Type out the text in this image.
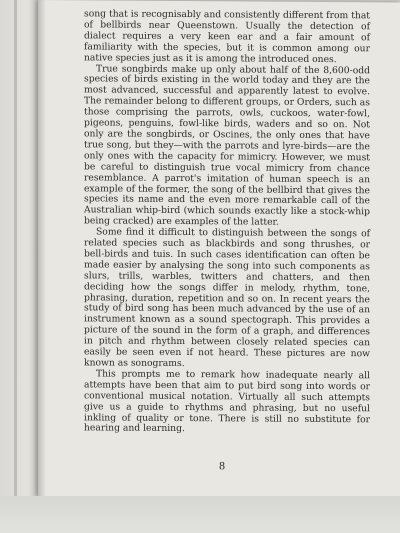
song that is recognisably and consistently different from that of bellbirds near Queenstown. Usually the detection of dialect requires a very keen ear and a fair amount of familiarity with the species, but it is common among our native species just as it is among the introduced ones.

True songbirds make up only about half of the 8,600-odd species of birds existing in the world today and they are the most advanced, successful and apparently latest to evolve. The remainder belong to different groups, or Orders, such as those comprising the parrots, owls, cuckoos, water-fowl, pigeons, penguins, fowl-like birds, waders and so on. Not only are the songbirds, or Oscines, the only ones that have true song, but they—with the parrots and lyre-birds—are the only ones with the capacity for mimicry. However, we must be careful to distinguish true vocal mimicry from chance resemblance. A parrot's imitation of human speech is an example of the former, the song of the bellbird that gives the species its name and the even more remarkable call of the Australian whip-bird (which sounds exactly like a stock-whip being cracked) are examples of the latter.

Some find it difficult to distinguish between the songs of related species such as blackbirds and song thrushes, or bell-birds and tuis. In such cases identification can often be made easier by analysing the song into such components as slurs, trills, warbles, twitters and chatters, and then deciding how the songs differ in melody, rhythm, tone, phrasing, duration, repetition and so on. In recent years the study of bird song has been much advanced by the use of an instrument known as a sound spectograph. This provides a picture of the sound in the form of a graph, and differences in pitch and rhythm between closely related species can easily be seen even if not heard. These pictures are now known as sonograms.

This prompts me to remark how inadequate nearly all attempts have been that aim to put bird song into words or conventional musical notation. Virtually all such attempts give us a guide to rhythms and phrasing, but no useful inkling of quality or tone. There is still no substitute for hearing and learning.

8
